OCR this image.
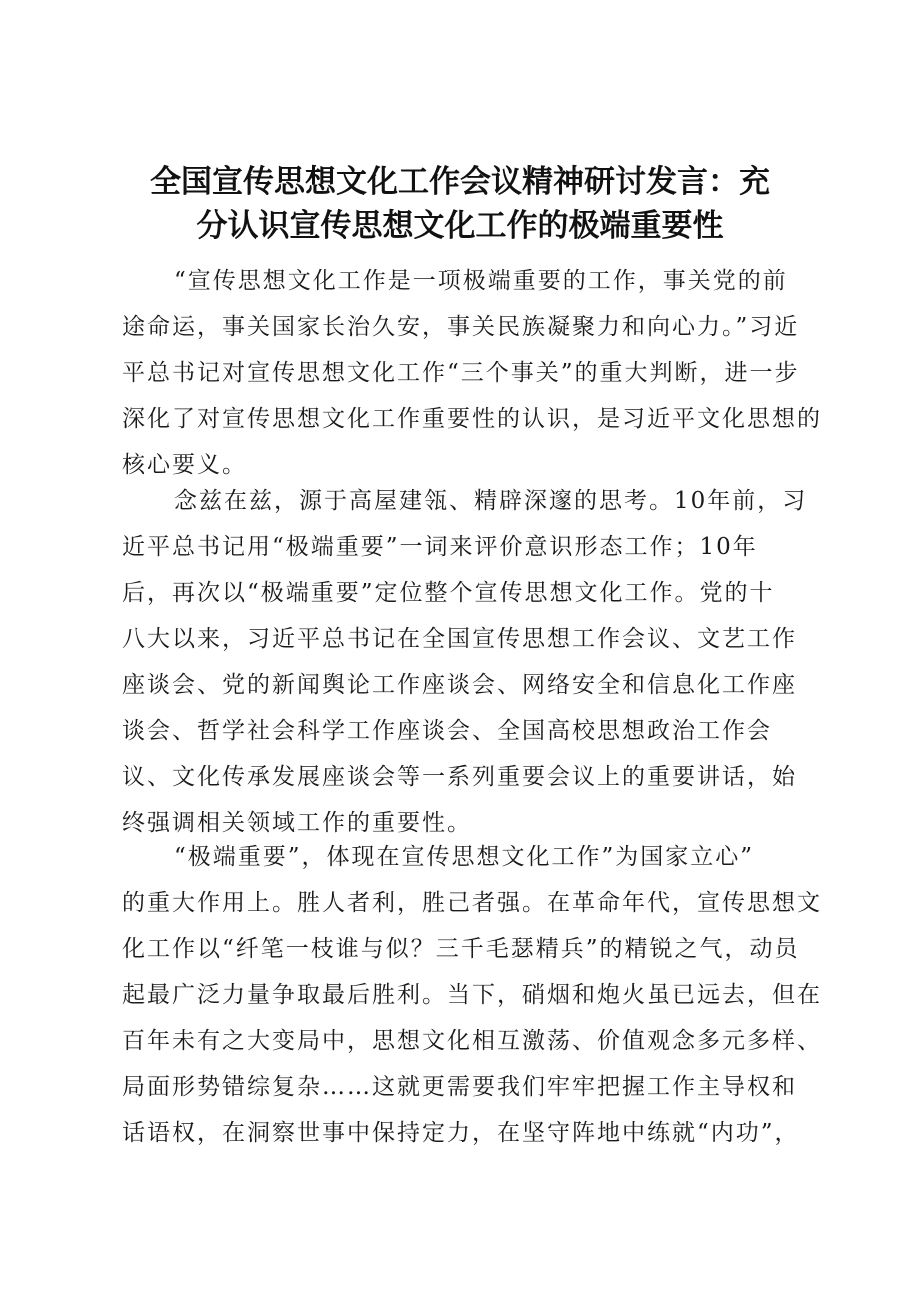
全国宣传思想文化工作会议精神研讨发言：充
分认识宣传思想文化工作的极端重要性
“宣传思想文化工作是一项极端重要的工作，事关党的前
途命运，事关国家长治久安，事关民族凝聚力和向心力。”习近
平总书记对宣传思想文化工作“三个事关”的重大判断，进一步
深化了对宣传思想文化工作重要性的认识，是习近平文化思想的
核心要义。
念兹在兹，源于高屋建瓴、精辟深邃的思考。10年前，习
近平总书记用“极端重要”一词来评价意识形态工作；10年
后，再次以“极端重要”定位整个宣传思想文化工作。党的十
八大以来，习近平总书记在全国宣传思想工作会议、文艺工作
座谈会、党的新闻舆论工作座谈会、网络安全和信息化工作座
谈会、哲学社会科学工作座谈会、全国高校思想政治工作会
议、文化传承发展座谈会等一系列重要会议上的重要讲话，始
终强调相关领域工作的重要性。
“极端重要”，体现在宣传思想文化工作”为国家立心”
的重大作用上。胜人者利，胜己者强。在革命年代，宣传思想文
化工作以“纤笔一枝谁与似？三千毛瑟精兵”的精锐之气，动员
起最广泛力量争取最后胜利。当下，硝烟和炮火虽已远去，但在
百年未有之大变局中，思想文化相互激荡、价值观念多元多样、
局面形势错综复杂……这就更需要我们牢牢把握工作主导权和
话语权，在洞察世事中保持定力，在坚守阵地中练就“内功”，
